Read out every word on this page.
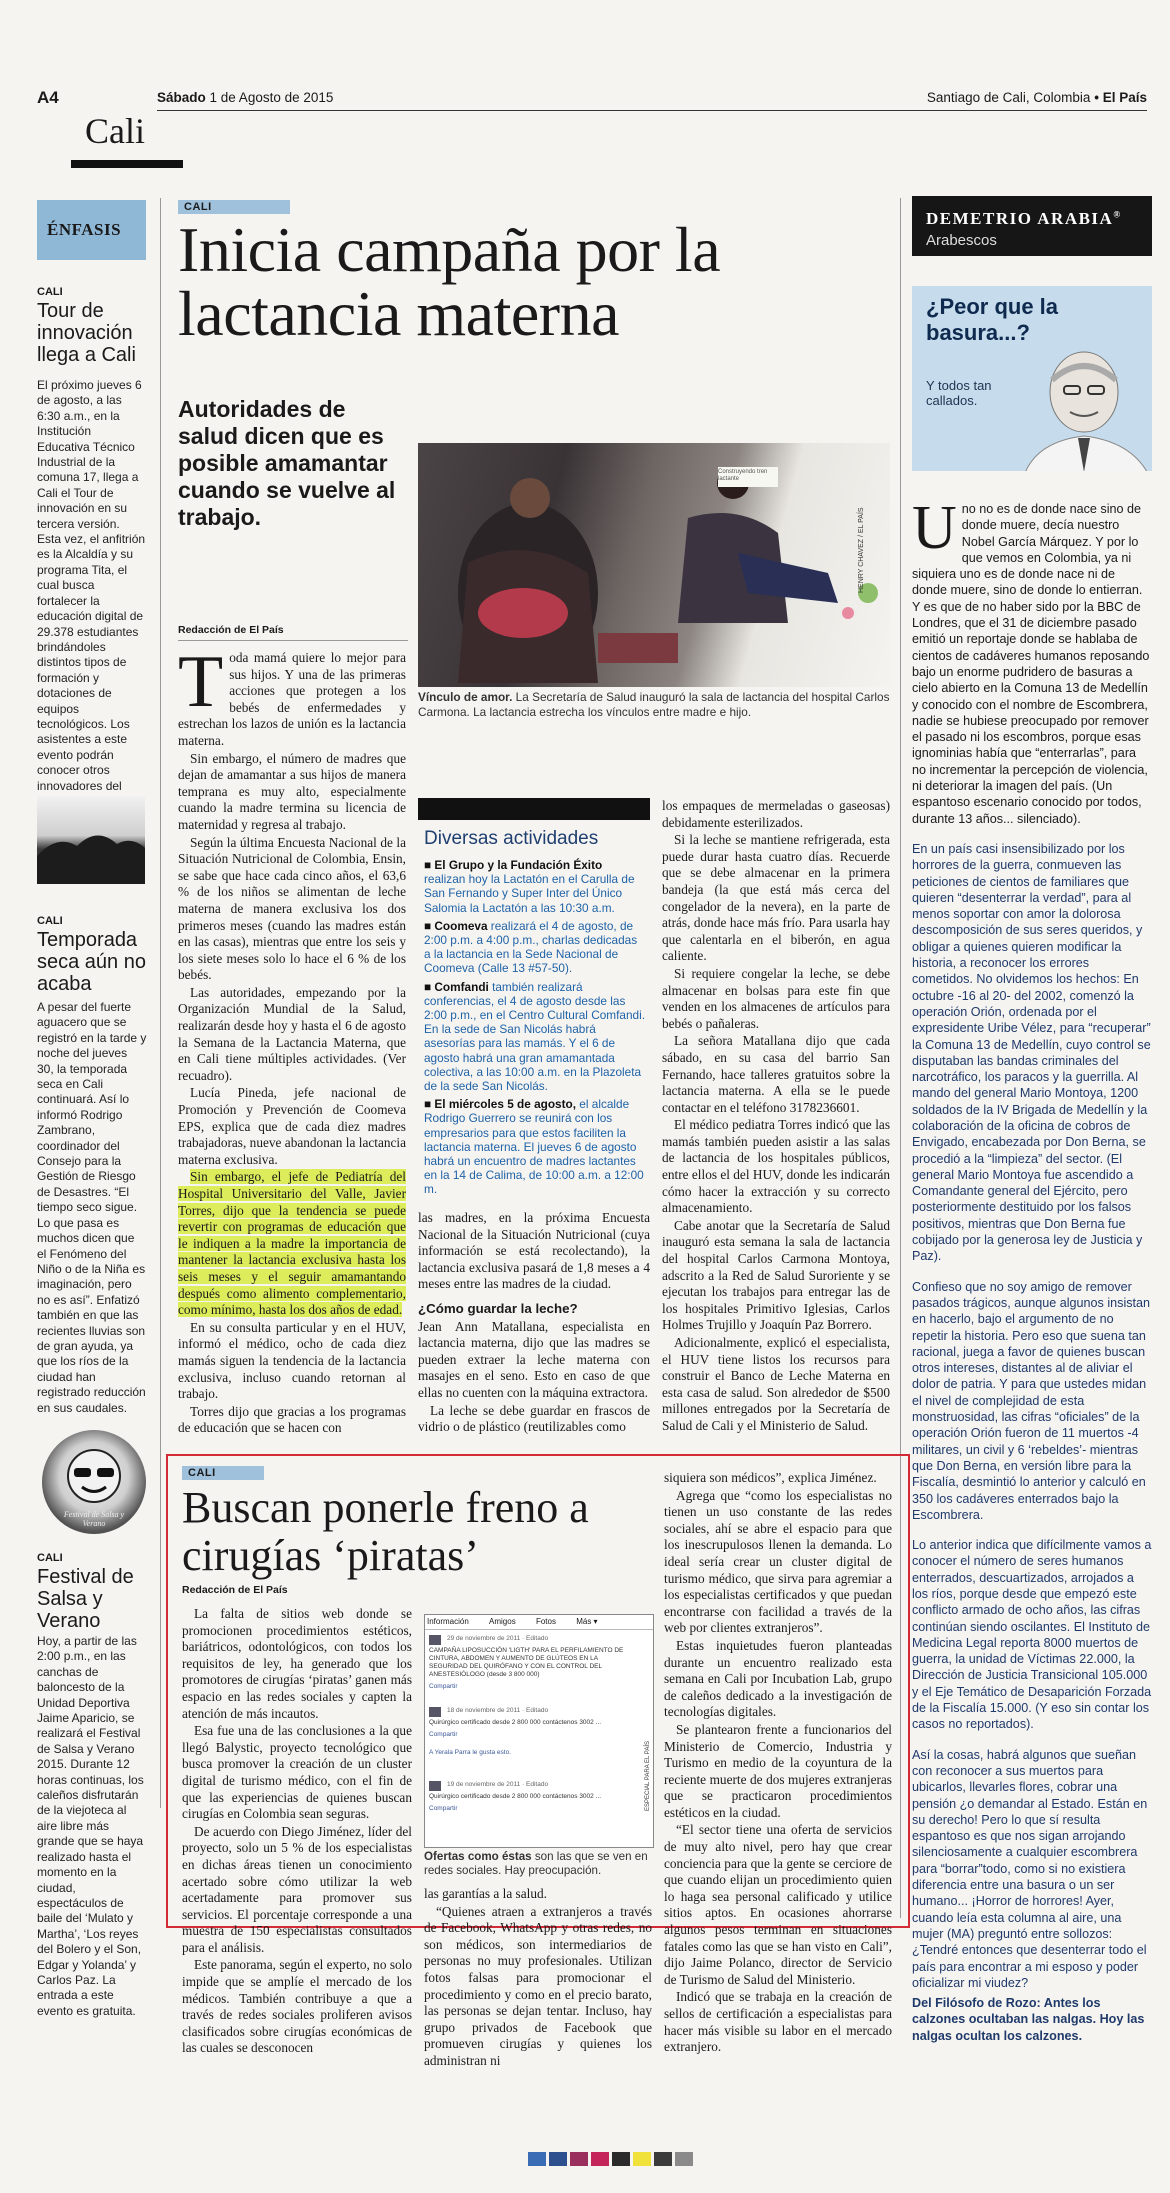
A4
Cali
Sábado 1 de Agosto de 2015	Santiago de Cali, Colombia • El País
ÉNFASIS
CALI
Tour de innovación llega a Cali
El próximo jueves 6 de agosto, a las 6:30 a.m., en la Institución Educativa Técnico Industrial de la comuna 17, llega a Cali el Tour de innovación en su tercera versión. Esta vez, el anfitrión es la Alcaldía y su programa Tita, el cual busca fortalecer la educación digital de 29.378 estudiantes brindándoles distintos tipos de formación y dotaciones de equipos tecnológicos. Los asistentes a este evento podrán conocer otros innovadores del
CALI
Temporada seca aún no acaba
A pesar del fuerte aguacero que se registró en la tarde y noche del jueves 30, la temporada seca en Cali continuará. Así lo informó Rodrigo Zambrano, coordinador del Consejo para la Gestión de Riesgo de Desastres. “El tiempo seco sigue. Lo que pasa es muchos dicen que el Fenómeno del Niño o de la Niña es imaginación, pero no es así”. Enfatizó también en que las recientes lluvias son de gran ayuda, ya que los ríos de la ciudad han registrado reducción en sus caudales.
Festival de Salsa y Verano
CALI
Festival de Salsa y Verano
Hoy, a partir de las 2:00 p.m., en las canchas de baloncesto de la Unidad Deportiva Jaime Aparicio, se realizará el Festival de Salsa y Verano 2015. Durante 12 horas continuas, los caleños disfrutarán de la viejoteca al aire libre más grande que se haya realizado hasta el momento en la ciudad, espectáculos de baile del ‘Mulato y Martha’, ‘Los reyes del Bolero y el Son, Edgar y Yolanda’ y Carlos Paz. La entrada a este evento es gratuita.
CALI
Inicia campaña por la lactancia materna
Autoridades de salud dicen que es posible amamantar cuando se vuelve al trabajo.
Construyendo tren lactante
HENRY CHAVEZ / EL PAÍS
Vínculo de amor. La Secretaría de Salud inauguró la sala de lactancia del hospital Carlos Carmona. La lactancia estrecha los vínculos entre madre e hijo.
Redacción de El País
T oda mamá quiere lo mejor para sus hijos. Y una de las primeras acciones que protegen a los bebés de enfermedades y estrechan los lazos de unión es la lactancia materna.

Sin embargo, el número de madres que dejan de amamantar a sus hijos de manera temprana es muy alto, especialmente cuando la madre termina su licencia de maternidad y regresa al trabajo.

Según la última Encuesta Nacional de la Situación Nutricional de Colombia, Ensin, se sabe que hace cada cinco años, el 63,6 % de los niños se alimentan de leche materna de manera exclusiva los dos primeros meses (cuando las madres están en las casas), mientras que entre los seis y los siete meses solo lo hace el 6 % de los bebés.

Las autoridades, empezando por la Organización Mundial de la Salud, realizarán desde hoy y hasta el 6 de agosto la Semana de la Lactancia Materna, que en Cali tiene múltiples actividades. (Ver recuadro).

Lucía Pineda, jefe nacional de Promoción y Prevención de Coomeva EPS, explica que de cada diez madres trabajadoras, nueve abandonan la lactancia materna exclusiva.

Sin embargo, el jefe de Pediatría del Hospital Universitario del Valle, Javier Torres, dijo que la tendencia se puede revertir con programas de educación que le indiquen a la madre la importancia de mantener la lactancia exclusiva hasta los seis meses y el seguir amamantando después como alimento complementario, como mínimo, hasta los dos años de edad.

En su consulta particular y en el HUV, informó el médico, ocho de cada diez mamás siguen la tendencia de la lactancia exclusiva, incluso cuando retornan al trabajo.

Torres dijo que gracias a los programas de educación que se hacen con

Diversas actividades

■ El Grupo y la Fundación Éxito realizan hoy la Lactatón en el Carulla de San Fernando y Super Inter del Único Salomia la Lactatón a las 10:30 a.m.

■ Coomeva realizará el 4 de agosto, de 2:00 p.m. a 4:00 p.m., charlas dedicadas a la lactancia en la Sede Nacional de Coomeva (Calle 13 #57-50).

■ Comfandi también realizará conferencias, el 4 de agosto desde las 2:00 p.m., en el Centro Cultural Comfandi. En la sede de San Nicolás habrá asesorías para las mamás. Y el 6 de agosto habrá una gran amamantada colectiva, a las 10:00 a.m. en la Plazoleta de la sede San Nicolás.

■ El miércoles 5 de agosto, el alcalde Rodrigo Guerrero se reunirá con los empresarios para que estos faciliten la lactancia materna. El jueves 6 de agosto habrá un encuentro de madres lactantes en la 14 de Calima, de 10:00 a.m. a 12:00 m.

las madres, en la próxima Encuesta Nacional de la Situación Nutricional (cuya información se está recolectando), la lactancia exclusiva pasará de 1,8 meses a 4 meses entre las madres de la ciudad.

¿Cómo guardar la leche?

Jean Ann Matallana, especialista en lactancia materna, dijo que las madres se pueden extraer la leche materna con masajes en el seno. Esto en caso de que ellas no cuenten con la máquina extractora.

La leche se debe guardar en frascos de vidrio o de plástico (reutilizables como

los empaques de mermeladas o gaseosas) debidamente esterilizados.

Si la leche se mantiene refrigerada, esta puede durar hasta cuatro días. Recuerde que se debe almacenar en la primera bandeja (la que está más cerca del congelador de la nevera), en la parte de atrás, donde hace más frío. Para usarla hay que calentarla en el biberón, en agua caliente.

Si requiere congelar la leche, se debe almacenar en bolsas para este fin que venden en los almacenes de artículos para bebés o pañaleras.

La señora Matallana dijo que cada sábado, en su casa del barrio San Fernando, hace talleres gratuitos sobre la lactancia materna. A ella se le puede contactar en el teléfono 3178236601.

El médico pediatra Torres indicó que las mamás también pueden asistir a las salas de lactancia de los hospitales públicos, entre ellos el del HUV, donde les indicarán cómo hacer la extracción y su correcto almacenamiento.

Cabe anotar que la Secretaría de Salud inauguró esta semana la sala de lactancia del hospital Carlos Carmona Montoya, adscrito a la Red de Salud Suroriente y se ejecutan los trabajos para entregar las de los hospitales Primitivo Iglesias, Carlos Holmes Trujillo y Joaquín Paz Borrero.

Adicionalmente, explicó el especialista, el HUV tiene listos los recursos para construir el Banco de Leche Materna en esta casa de salud. Son alrededor de $500 millones entregados por la Secretaría de Salud de Cali y el Ministerio de Salud.

DEMETRIO ARABIA®
Arabescos
¿Peor que la basura...?
Y todos tan callados.
U no no es de donde nace sino de donde muere, decía nuestro Nobel García Márquez. Y por lo que vemos en Colombia, ya ni siquiera uno es de donde nace ni de donde muere, sino de donde lo entierran. Y es que de no haber sido por la BBC de Londres, que el 31 de diciembre pasado emitió un reportaje donde se hablaba de cientos de cadáveres humanos reposando bajo un enorme pudridero de basuras a cielo abierto en la Comuna 13 de Medellín y conocido con el nombre de Escombrera, nadie se hubiese preocupado por remover el pasado ni los escombros, porque esas ignominias había que “enterrarlas”, para no incrementar la percepción de violencia, ni deteriorar la imagen del país. (Un espantoso escenario conocido por todos, durante 13 años... silenciado).

En un país casi insensibilizado por los horrores de la guerra, conmueven las peticiones de cientos de familiares que quieren “desenterrar la verdad”, para al menos soportar con amor la dolorosa descomposición de sus seres queridos, y obligar a quienes quieren modificar la historia, a reconocer los errores cometidos. No olvidemos los hechos: En octubre -16 al 20- del 2002, comenzó la operación Orión, ordenada por el expresidente Uribe Vélez, para “recuperar” la Comuna 13 de Medellín, cuyo control se disputaban las bandas criminales del narcotráfico, los paracos y la guerrilla. Al mando del general Mario Montoya, 1200 soldados de la IV Brigada de Medellín y la colaboración de la oficina de cobros de Envigado, encabezada por Don Berna, se procedió a la “limpieza” del sector. (El general Mario Montoya fue ascendido a Comandante general del Ejército, pero posteriormente destituido por los falsos positivos, mientras que Don Berna fue cobijado por la generosa ley de Justicia y Paz).

Confieso que no soy amigo de remover pasados trágicos, aunque algunos insistan en hacerlo, bajo el argumento de no repetir la historia. Pero eso que suena tan racional, juega a favor de quienes buscan otros intereses, distantes al de aliviar el dolor de patria. Y para que ustedes midan el nivel de complejidad de esta monstruosidad, las cifras “oficiales” de la operación Orión fueron de 11 muertos -4 militares, un civil y 6 ‘rebeldes’- mientras que Don Berna, en versión libre para la Fiscalía, desmintió lo anterior y calculó en 350 los cadáveres enterrados bajo la Escombrera.

Lo anterior indica que difícilmente vamos a conocer el número de seres humanos enterrados, descuartizados, arrojados a los ríos, porque desde que empezó este conflicto armado de ocho años, las cifras continúan siendo oscilantes. El Instituto de Medicina Legal reporta 8000 muertos de guerra, la unidad de Víctimas 22.000, la Dirección de Justicia Transicional 105.000 y el Eje Temático de Desaparición Forzada de la Fiscalía 15.000. (Y eso sin contar los casos no reportados).

Así la cosas, habrá algunos que sueñan con reconocer a sus muertos para ubicarlos, llevarles flores, cobrar una pensión ¿o demandar al Estado. Están en su derecho! Pero lo que sí resulta espantoso es que nos sigan arrojando silenciosamente a cualquier escombrera para “borrar”todo, como si no existiera diferencia entre una basura o un ser humano... ¡Horror de horrores! Ayer, cuando leía esta columna al aire, una mujer (MA) preguntó entre sollozos: ¿Tendré entonces que desenterrar todo el país para encontrar a mi esposo y poder oficializar mi viudez?

Del Filósofo de Rozo: Antes los calzones ocultaban las nalgas. Hoy las nalgas ocultan los calzones.

CALI
Buscan ponerle freno a cirugías ‘piratas’
Redacción de El País

La falta de sitios web donde se promocionen procedimientos estéticos, bariátricos, odontológicos, con todos los requisitos de ley, ha generado que los promotores de cirugías ‘piratas’ ganen más espacio en las redes sociales y capten la atención de más incautos.

Esa fue una de las conclusiones a la que llegó Balystic, proyecto tecnológico que busca promover la creación de un cluster digital de turismo médico, con el fin de que las experiencias de quienes buscan cirugías en Colombia sean seguras.

De acuerdo con Diego Jiménez, líder del proyecto, solo un 5 % de los especialistas en dichas áreas tienen un conocimiento acertado sobre cómo utilizar la web acertadamente para promover sus servicios. El porcentaje corresponde a una muestra de 150 especialistas consultados para el análisis.

Este panorama, según el experto, no solo impide que se amplíe el mercado de los médicos. También contribuye a que a través de redes sociales proliferen avisos clasificados sobre cirugías económicas de las cuales se desconocen

Información	Amigos	Fotos	Más ▾
29 de noviembre de 2011 · Editado
CAMPAÑA LIPOSUCCIÓN 'LIGTH' PARA EL PERFILAMIENTO DE CINTURA, ABDOMEN Y AUMENTO DE GLÚTEOS EN LA SEGURIDAD DEL QUIRÓFANO Y CON EL CONTROL DEL ANESTESIÓLOGO (desde 3 800 000)
Compartir
18 de noviembre de 2011 · Editado
Quirúrgico certificado desde 2 800 000 contáctenos 3002 ...
Compartir
A Yerala Parra le gusta esto.
19 de noviembre de 2011 · Editado
Quirúrgico certificado desde 2 800 000 contáctenos 3002 ...
Compartir	ESPECIAL PARA EL PAÍS
Ofertas como éstas son las que se ven en redes sociales. Hay preocupación.

las garantías a la salud.

“Quienes atraen a extranjeros a través de Facebook, WhatsApp y otras redes, no son médicos, son intermediarios de personas no muy profesionales. Utilizan fotos falsas para promocionar el procedimiento y como en el precio barato, las personas se dejan tentar. Incluso, hay grupo privados de Facebook que promueven cirugías y quienes los administran ni

siquiera son médicos”, explica Jiménez.

Agrega que “como los especialistas no tienen un uso constante de las redes sociales, ahí se abre el espacio para que los inescrupulosos llenen la demanda. Lo ideal sería crear un cluster digital de turismo médico, que sirva para agremiar a los especialistas certificados y que puedan encontrarse con facilidad a través de la web por clientes extranjeros”.

Estas inquietudes fueron planteadas durante un encuentro realizado esta semana en Cali por Incubation Lab, grupo de caleños dedicado a la investigación de tecnologías digitales.

Se plantearon frente a funcionarios del Ministerio de Comercio, Industria y Turismo en medio de la coyuntura de la reciente muerte de dos mujeres extranjeras que se practicaron procedimientos estéticos en la ciudad.

“El sector tiene una oferta de servicios de muy alto nivel, pero hay que crear conciencia para que la gente se cerciore de que cuando elijan un procedimiento quien lo haga sea personal calificado y utilice sitios aptos. En ocasiones ahorrarse algunos pesos terminan en situaciones fatales como las que se han visto en Cali”, dijo Jaime Polanco, director de Servicio de Turismo de Salud del Ministerio.

Indicó que se trabaja en la creación de sellos de certificación a especialistas para hacer más visible su labor en el mercado extranjero.
